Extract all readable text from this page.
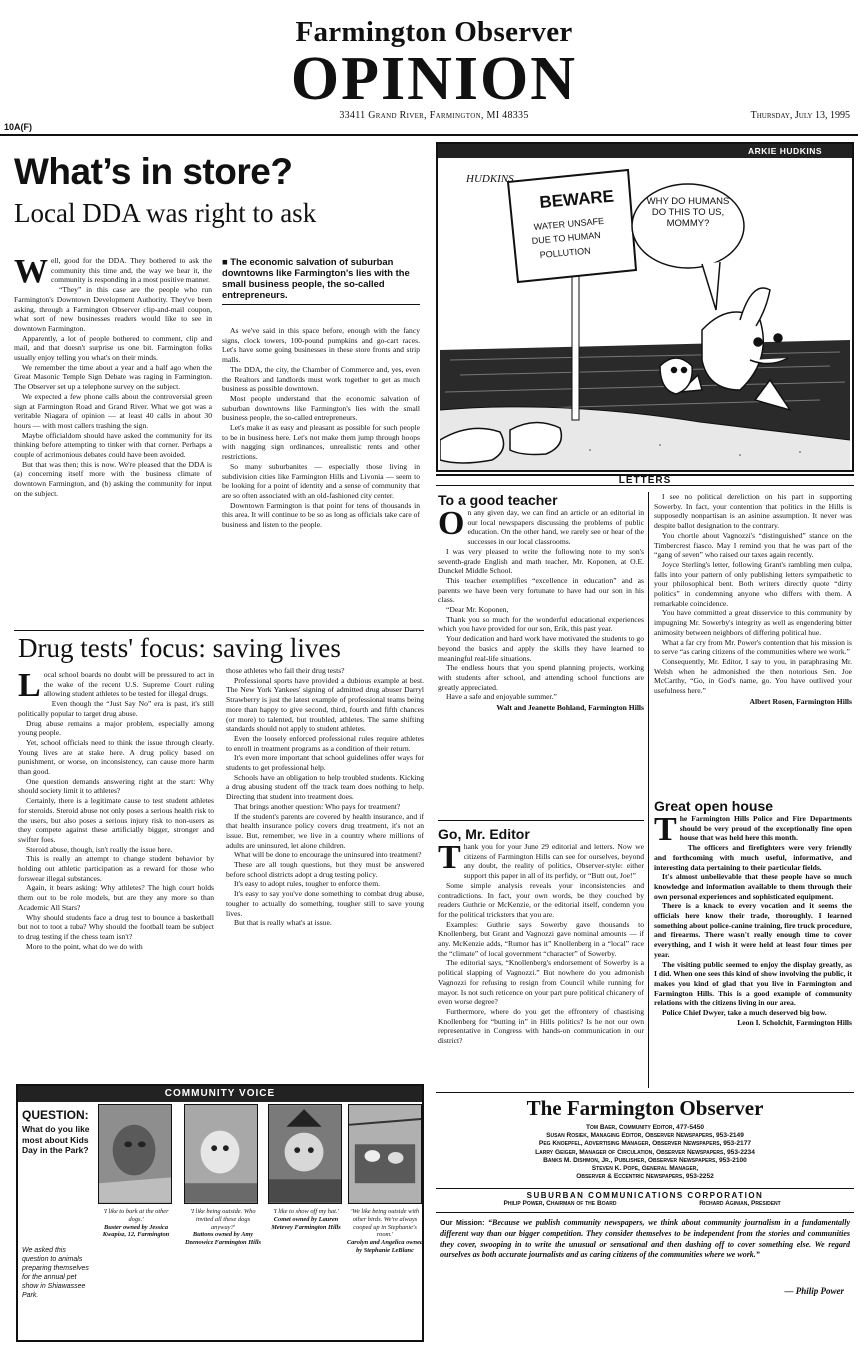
Farmington Observer
OPINION
33411 Grand River, Farmington, MI 48335	Thursday, July 13, 1995
10A(F)
What’s in store?
Local DDA was right to ask
W ell, good for the DDA. They bothered to ask the community this time and, the way we hear it, the community is responding in a most positive manner.

“They” in this case are the people who run Farmington's Downtown Development Authority. They've been asking, through a Farmington Observer clip-and-mail coupon, what sort of new businesses readers would like to see in downtown Farmington.

Apparently, a lot of people bothered to comment, clip and mail, and that doesn't surprise us one bit. Farmington folks usually enjoy telling you what's on their minds.

We remember the time about a year and a half ago when the Great Masonic Temple Sign Debate was raging in Farmington. The Observer set up a telephone survey on the subject.

We expected a few phone calls about the controversial green sign at Farmington Road and Grand River. What we got was a veritable Niagara of opinion — at least 40 calls in about 30 hours — with most callers trashing the sign.

Maybe officialdom should have asked the community for its thinking before attempting to tinker with that corner. Perhaps a couple of acrimonious debates could have been avoided.

But that was then; this is now. We're pleased that the DDA is (a) concerning itself more with the business climate of downtown Farmington, and (b) asking the community for input on the subject.

■ The economic salvation of suburban downtowns like Farmington's lies with the small business people, the so-called entrepreneurs.

As we've said in this space before, enough with the fancy signs, clock towers, 100-pound pumpkins and go-cart races. Let's have some going businesses in these store fronts and strip malls.

The DDA, the city, the Chamber of Commerce and, yes, even the Realtors and landlords must work together to get as much business as possible downtown.

Most people understand that the economic salvation of suburban downtowns like Farmington's lies with the small business people, the so-called entrepreneurs.

Let's make it as easy and pleasant as possible for such people to be in business here. Let's not make them jump through hoops with nagging sign ordinances, unrealistic rents and other restrictions.

So many suburbanites — especially those living in subdivision cities like Farmington Hills and Livonia — seem to be looking for a point of identity and a sense of community that are so often associated with an old-fashioned city center.

Downtown Farmington is that point for tens of thousands in this area. It will continue to be so as long as officials take care of business and listen to the people.

Drug tests' focus: saving lives
L ocal school boards no doubt will be pressured to act in the wake of the recent U.S. Supreme Court ruling allowing student athletes to be tested for illegal drugs.

Even though the “Just Say No” era is past, it's still politically popular to target drug abuse.

Drug abuse remains a major problem, especially among young people.

Yet, school officials need to think the issue through clearly. Young lives are at stake here. A drug policy based on punishment, or worse, on inconsistency, can cause more harm than good.

One question demands answering right at the start: Why should society limit it to athletes?

Certainly, there is a legitimate cause to test student athletes for steroids. Steroid abuse not only poses a serious health risk to the users, but also poses a serious injury risk to non-users as they compete against these artificially bigger, stronger and swifter foes.

Steroid abuse, though, isn't really the issue here.

This is really an attempt to change student behavior by holding out athletic participation as a reward for those who forswear illegal substances.

Again, it bears asking: Why athletes? The high court holds them out to be role models, but are they any more so than Academic All Stars?

Why should students face a drug test to bounce a basketball but not to toot a tuba? Why should the football team be subject to drug testing if the chess team isn't?

More to the point, what do we do with

those athletes who fail their drug tests?

Professional sports have provided a dubious example at best. The New York Yankees' signing of admitted drug abuser Darryl Strawberry is just the latest example of professional teams being more than happy to give second, third, fourth and fifth chances (or more) to talented, but troubled, athletes. The same shifting standards should not apply to student athletes.

Even the loosely enforced professional rules require athletes to enroll in treatment programs as a condition of their return.

It's even more important that school guidelines offer ways for students to get professional help.

Schools have an obligation to help troubled students. Kicking a drug abusing student off the track team does nothing to help. Directing that student into treatment does.

That brings another question: Who pays for treatment?

If the student's parents are covered by health insurance, and if that health insurance policy covers drug treatment, it's not an issue. But, remember, we live in a country where millions of adults are uninsured, let alone children.

What will be done to encourage the uninsured into treatment?

These are all tough questions, but they must be answered before school districts adopt a drug testing policy.

It's easy to adopt rules, tougher to enforce them.

It's easy to say you've done something to combat drug abuse, tougher to actually do something, tougher still to save young lives.

But that is really what's at issue.

ARKIE HUDKINS
BEWARE
WATER UNSAFE
DUE TO HUMAN
POLLUTION
HUDKINS
WHY DO HUMANS DO THIS TO US, MOMMY?
LETTERS
To a good teacher
O n any given day, we can find an article or an editorial in our local newspapers discussing the problems of public education. On the other hand, we rarely see or hear of the successes in our local classrooms.

I was very pleased to write the following note to my son's seventh-grade English and math teacher, Mr. Koponen, at O.E. Dunckel Middle School.

This teacher exemplifies “excellence in education” and as parents we have been very fortunate to have had our son in his class.

“Dear Mr. Koponen,

Thank you so much for the wonderful educational experiences which you have provided for our son, Erik, this past year.

Your dedication and hard work have motivated the students to go beyond the basics and apply the skills they have learned to meaningful real-life situations.

The endless hours that you spend planning projects, working with students after school, and attending school functions are greatly appreciated.

Have a safe and enjoyable summer.”

Walt and Jeanette Bohland, Farmington Hills
Go, Mr. Editor
T hank you for your June 29 editorial and letters. Now we citizens of Farmington Hills can see for ourselves, beyond any doubt, the reality of politics, Observer-style: either support this paper in all of its perfidy, or “Butt out, Joe!”

Some simple analysis reveals your inconsistencies and contradictions. In fact, your own words, be they couched by readers Guthrie or McKenzie, or the editorial itself, condemn you for the political tricksters that you are.

Examples: Guthrie says Sowerby gave thousands to Knollenberg, but Grant and Vagnozzi gave nominal amounts — if any. McKenzie adds, “Rumor has it” Knollenberg in a “local” race the “climate” of local government “character” of Sowerby.

The editorial says, “Knollenberg's endorsement of Sowerby is a political slapping of Vagnozzi.” But nowhere do you admonish Vagnozzi for refusing to resign from Council while running for mayor. Is not such reticence on your part pure political chicanery of even worse degree?

Furthermore, where do you get the effrontery of chastising Knollenberg for “butting in” in Hills politics? Is he not our own representative in Congress with hands-on communication in our district?

I see no political dereliction on his part in supporting Sowerby. In fact, your contention that politics in the Hills is supposedly nonpartisan is an asinine assumption. It never was despite ballot designation to the contrary.

You chortle about Vagnozzi's “distinguished” stance on the Timbercrest fiasco. May I remind you that he was part of the “gang of seven” who raised our taxes again recently.

Joyce Sterling's letter, following Grant's rambling men culpa, falls into your pattern of only publishing letters sympathetic to your philosophical bent. Both writers directly quote “dirty politics” in condemning anyone who differs with them. A remarkable coincidence.

You have committed a great disservice to this community by impugning Mr. Sowerby's integrity as well as engendering bitter animosity between neighbors of differing political hue.

What a far cry from Mr. Power's contention that his mission is to serve “as caring citizens of the communities where we work.”

Consequently, Mr. Editor, I say to you, in paraphrasing Mr. Welsh when he admonished the then notorious Sen. Joe McCarthy, “Go, in God's name, go. You have outlived your usefulness here.”

Albert Rosen, Farmington Hills
Great open house
T he Farmington Hills Police and Fire Departments should be very proud of the exceptionally fine open house that was held here this month.

The officers and firefighters were very friendly and forthcoming with much useful, informative, and interesting data pertaining to their particular fields.

It's almost unbelievable that these people have so much knowledge and information available to them through their own personal experiences and sophisticated equipment.

There is a knack to every vocation and it seems the officials here know their trade, thoroughly. I learned something about police-canine training, fire truck procedure, and firearms. There wasn't really enough time to cover everything, and I wish it were held at least four times per year.

The visiting public seemed to enjoy the display greatly, as I did. When one sees this kind of show involving the public, it makes you kind of glad that you live in Farmington and Farmington Hills. This is a good example of community relations with the citizens living in our area.

Police Chief Dwyer, take a much deserved big bow.

Leon I. Scholchit, Farmington Hills
COMMUNITY VOICE
QUESTION:
What do you like most about Kids Day in the Park?
We asked this question to animals preparing themselves for the annual pet show in Shiawassee Park.
'I like to bark at the other dogs.'
Buster owned by Jessica Kwapisz, 12, Farmington
'I like being outside. Who invited all these dogs anyway?'
Buttons owned by Amy Dzenowicz Farmington Hills
'I like to show off my hat.'
Comet owned by Lauren Metevey Farmington Hills
'We like being outside with other birds. We're always cooped up in Stephanie's room.'
Carolyn and Angelica owned by Stephanie LeBlanc
The Farmington Observer
Tom Baer, Community Editor, 477-5450
Susan Rosiek, Managing Editor, Observer Newspapers, 953-2149
Peg Knoepfel, Advertising Manager, Observer Newspapers, 953-2177
Larry Geiger, Manager of Circulation, Observer Newspapers, 953-2234
Banks M. Dishmon, Jr., Publisher, Observer Newspapers, 953-2100
Steven K. Pope, General Manager,
Observer & Eccentric Newspapers, 953-2252
SUBURBAN COMMUNICATIONS CORPORATION
Philip Power, Chairman of the Board	Richard Aginian, President
Our Mission: “Because we publish community newspapers, we think about community journalism in a fundamentally different way than our bigger competition. They consider themselves to be independent from the stories and communities they cover, swooping in to write the unusual or sensational and then dashing off to cover something else. We regard ourselves as both accurate journalists and as caring citizens of the communities where we work.”
— Philip Power
